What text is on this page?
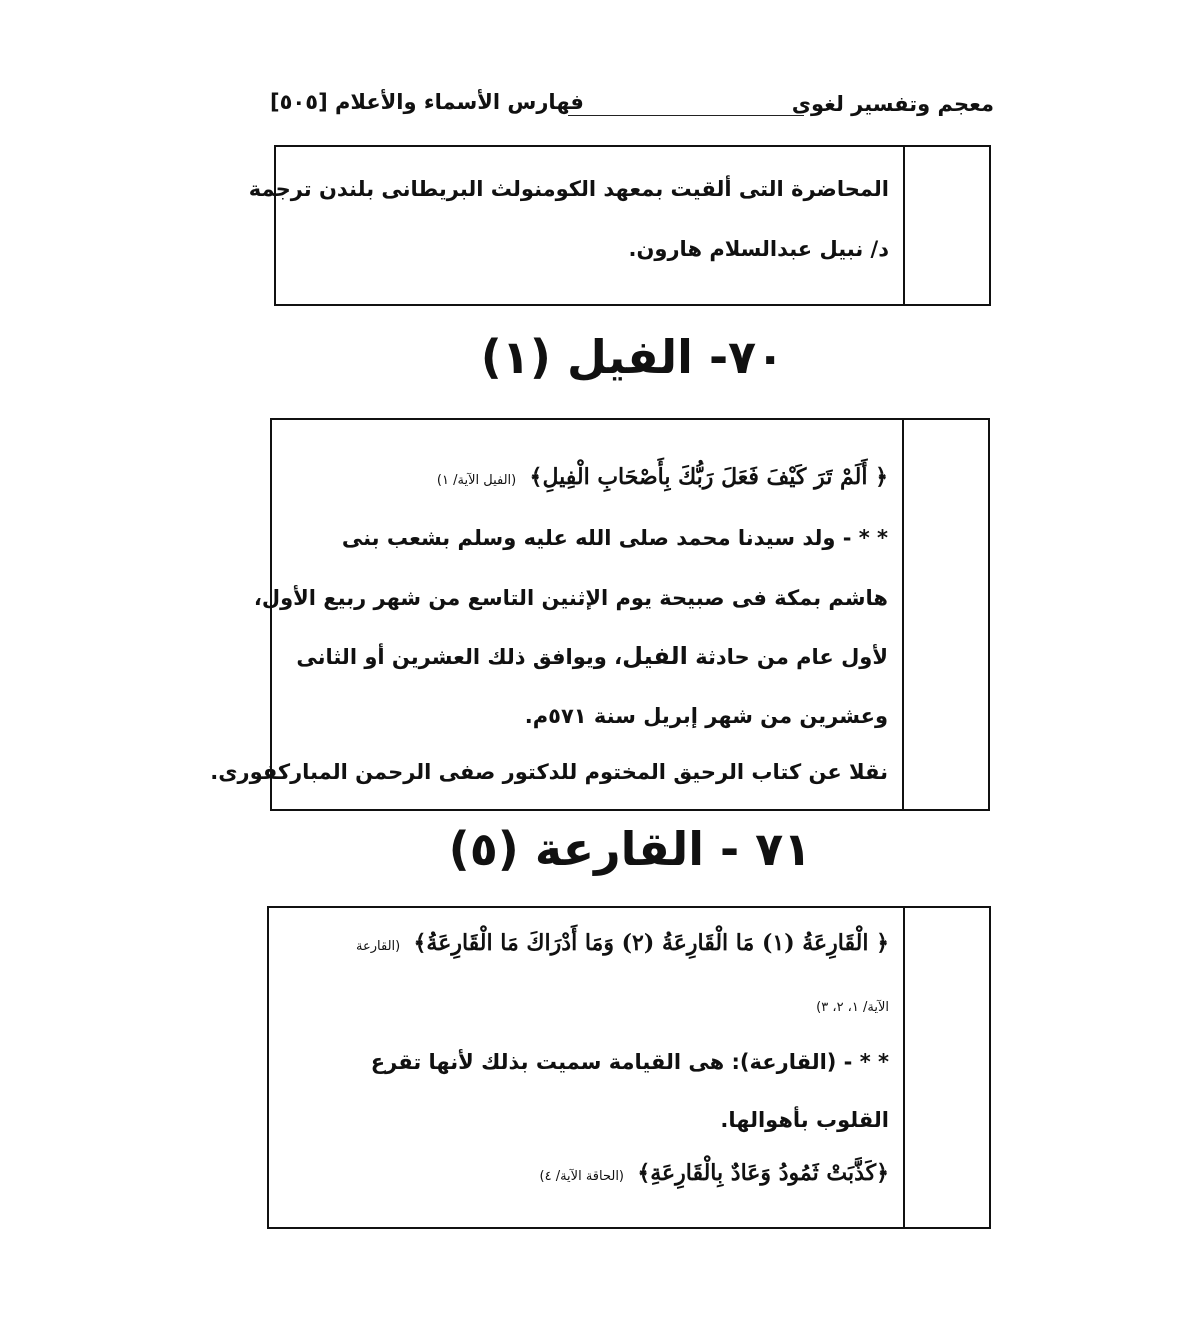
معجم وتفسير لغوى
فهارس الأسماء والأعلام [٥٠٥]
المحاضرة التى ألقيت بمعهد الكومنولث البريطانى بلندن ترجمة
د/ نبيل عبدالسلام هارون.
٧٠- الفيل (١)
﴿ أَلَمْ تَرَ كَيْفَ فَعَلَ رَبُّكَ بِأَصْحَابِ الْفِيلِ﴾ (الفيل الآية/ ١)
* * - ولد سيدنا محمد صلى الله عليه وسلم بشعب بنى
هاشم بمكة فى صبيحة يوم الإثنين التاسع من شهر ربيع الأول،
لأول عام من حادثة الفيل، ويوافق ذلك العشرين أو الثانى
وعشرين من شهر إبريل سنة ٥٧١م.
نقلا عن كتاب الرحيق المختوم للدكتور صفى الرحمن المباركفورى.
٧١ - القارعة (٥)
﴿ الْقَارِعَةُ (١) مَا الْقَارِعَةُ (٢) وَمَا أَدْرَاكَ مَا الْقَارِعَةُ﴾ (القارعة
الآية/ ١، ٢، ٣)
* * - (القارعة): هى القيامة سميت بذلك لأنها تقرع
القلوب بأهوالها.
﴿كَذَّبَتْ ثَمُودُ وَعَادٌ بِالْقَارِعَةِ﴾ (الحاقة الآية/ ٤)
